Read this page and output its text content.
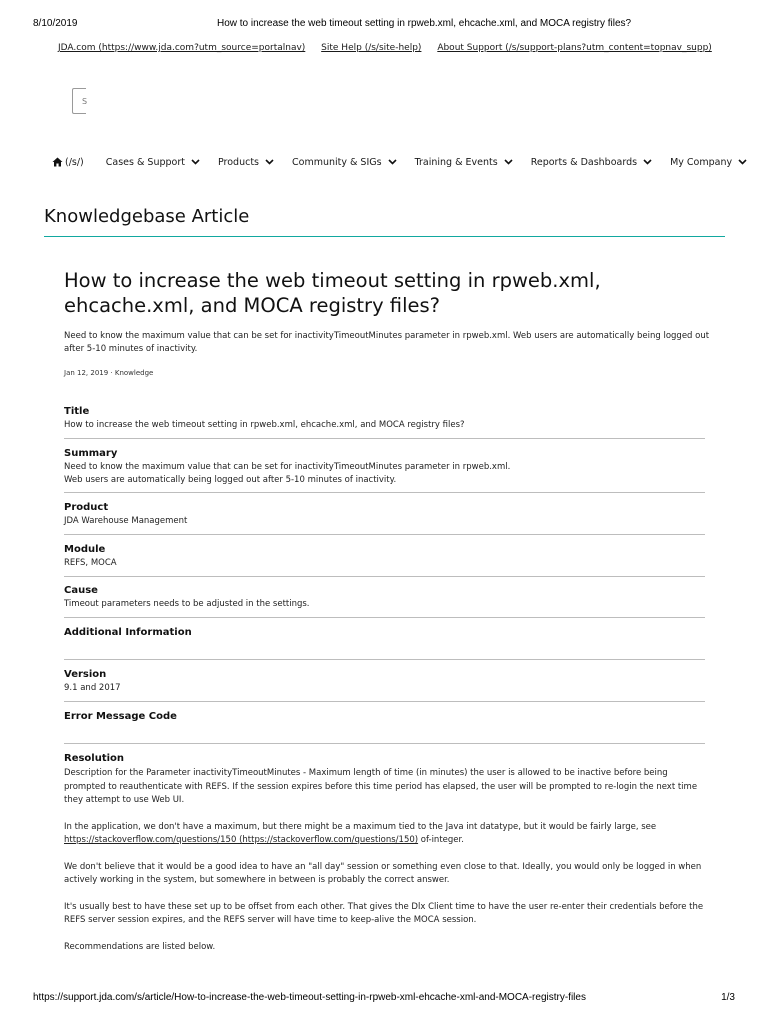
8/10/2019	How to increase the web timeout setting in rpweb.xml, ehcache.xml, and MOCA registry files?
JDA.com (https://www.jda.com?utm_source=portalnav) Site Help (/s/site-help) About Support (/s/support-plans?utm_content=topnav_supp)
S
(/s/) Cases & Support	Products	Community & SIGs	Training & Events	Reports & Dashboards	My Company
Knowledgebase Article
How to increase the web timeout setting in rpweb.xml, ehcache.xml, and MOCA registry files?
Need to know the maximum value that can be set for inactivityTimeoutMinutes parameter in rpweb.xml. Web users are automatically being logged out after 5-10 minutes of inactivity.
Jan 12, 2019 · Knowledge
Title
How to increase the web timeout setting in rpweb.xml, ehcache.xml, and MOCA registry files?
Summary
Need to know the maximum value that can be set for inactivityTimeoutMinutes parameter in rpweb.xml.
Web users are automatically being logged out after 5-10 minutes of inactivity.
Product
JDA Warehouse Management
Module
REFS, MOCA
Cause
Timeout parameters needs to be adjusted in the settings.
Additional Information
Version
9.1 and 2017
Error Message Code
Resolution

Description for the Parameter inactivityTimeoutMinutes - Maximum length of time (in minutes) the user is allowed to be inactive before being prompted to reauthenticate with REFS. If the session expires before this time period has elapsed, the user will be prompted to re-login the next time they attempt to use Web UI.

In the application, we don't have a maximum, but there might be a maximum tied to the Java int datatype, but it would be fairly large, see https://stackoverflow.com/questions/150 (https://stackoverflow.com/questions/150) of-integer.

We don't believe that it would be a good idea to have an "all day" session or something even close to that. Ideally, you would only be logged in when actively working in the system, but somewhere in between is probably the correct answer.

It's usually best to have these set up to be offset from each other. That gives the Dlx Client time to have the user re-enter their credentials before the REFS server session expires, and the REFS server will have time to keep-alive the MOCA session.

Recommendations are listed below.

https://support.jda.com/s/article/How-to-increase-the-web-timeout-setting-in-rpweb-xml-ehcache-xml-and-MOCA-registry-files	1/3
